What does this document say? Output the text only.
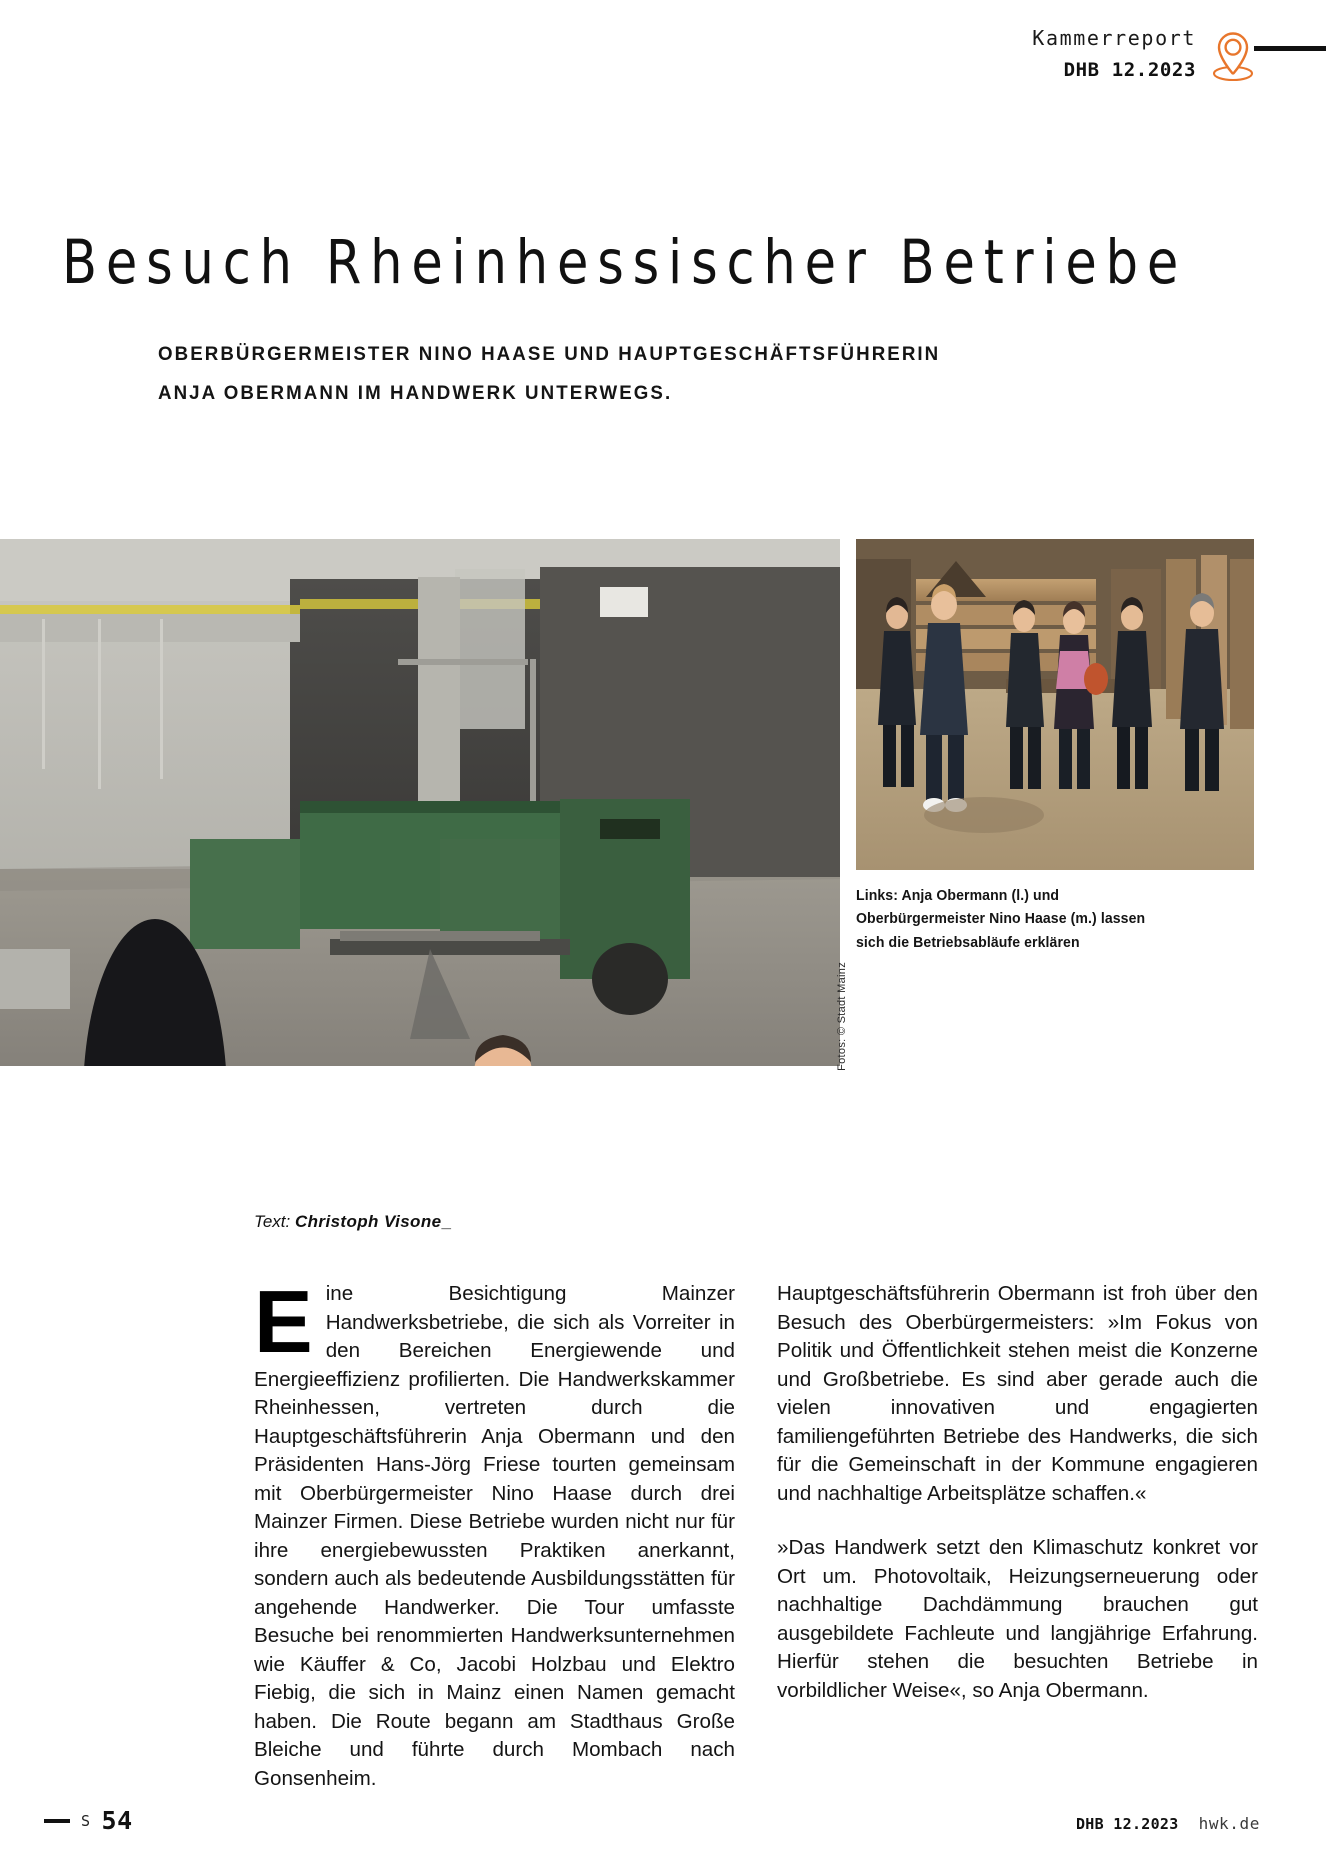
Kammerreport
DHB 12.2023
Besuch Rheinhessischer Betriebe
OBERBÜRGERMEISTER NINO HAASE UND HAUPTGESCHÄFTSFÜHRERIN
ANJA OBERMANN IM HANDWERK UNTERWEGS.
Links: Anja Obermann (l.) und Oberbürgermeister Nino Haase (m.) lassen sich die Betriebsabläufe erklären
Fotos: © Stadt Mainz
Text: Christoph Visone_

Eine Besichtigung Mainzer Handwerksbetriebe, die sich als Vorreiter in den Bereichen Energiewende und Energieeffizienz profilierten. Die Handwerkskammer Rheinhessen, vertreten durch die Hauptgeschäftsführerin Anja Obermann und den Präsidenten Hans-Jörg Friese tourten gemeinsam mit Oberbürgermeister Nino Haase durch drei Mainzer Firmen. Diese Betriebe wurden nicht nur für ihre energiebewussten Praktiken anerkannt, sondern auch als bedeutende Ausbildungsstätten für angehende Handwerker. Die Tour umfasste Besuche bei renommierten Handwerksunternehmen wie Käuffer & Co, Jacobi Holzbau und Elektro Fiebig, die sich in Mainz einen Namen gemacht haben. Die Route begann am Stadthaus Große Bleiche und führte durch Mombach nach Gonsenheim.

Hauptgeschäftsführerin Obermann ist froh über den Besuch des Oberbürgermeisters: »Im Fokus von Politik und Öffentlichkeit stehen meist die Konzerne und Großbetriebe. Es sind aber gerade auch die vielen innovativen und engagierten familiengeführten Betriebe des Handwerks, die sich für die Gemeinschaft in der Kommune engagieren und nachhaltige Arbeitsplätze schaffen.«

»Das Handwerk setzt den Klimaschutz konkret vor Ort um. Photovoltaik, Heizungserneuerung oder nachhaltige Dachdämmung brauchen gut ausgebildete Fachleute und langjährige Erfahrung. Hierfür stehen die besuchten Betriebe in vorbildlicher Weise«, so Anja Obermann.

S 54	DHB 12.2023 hwk.de
